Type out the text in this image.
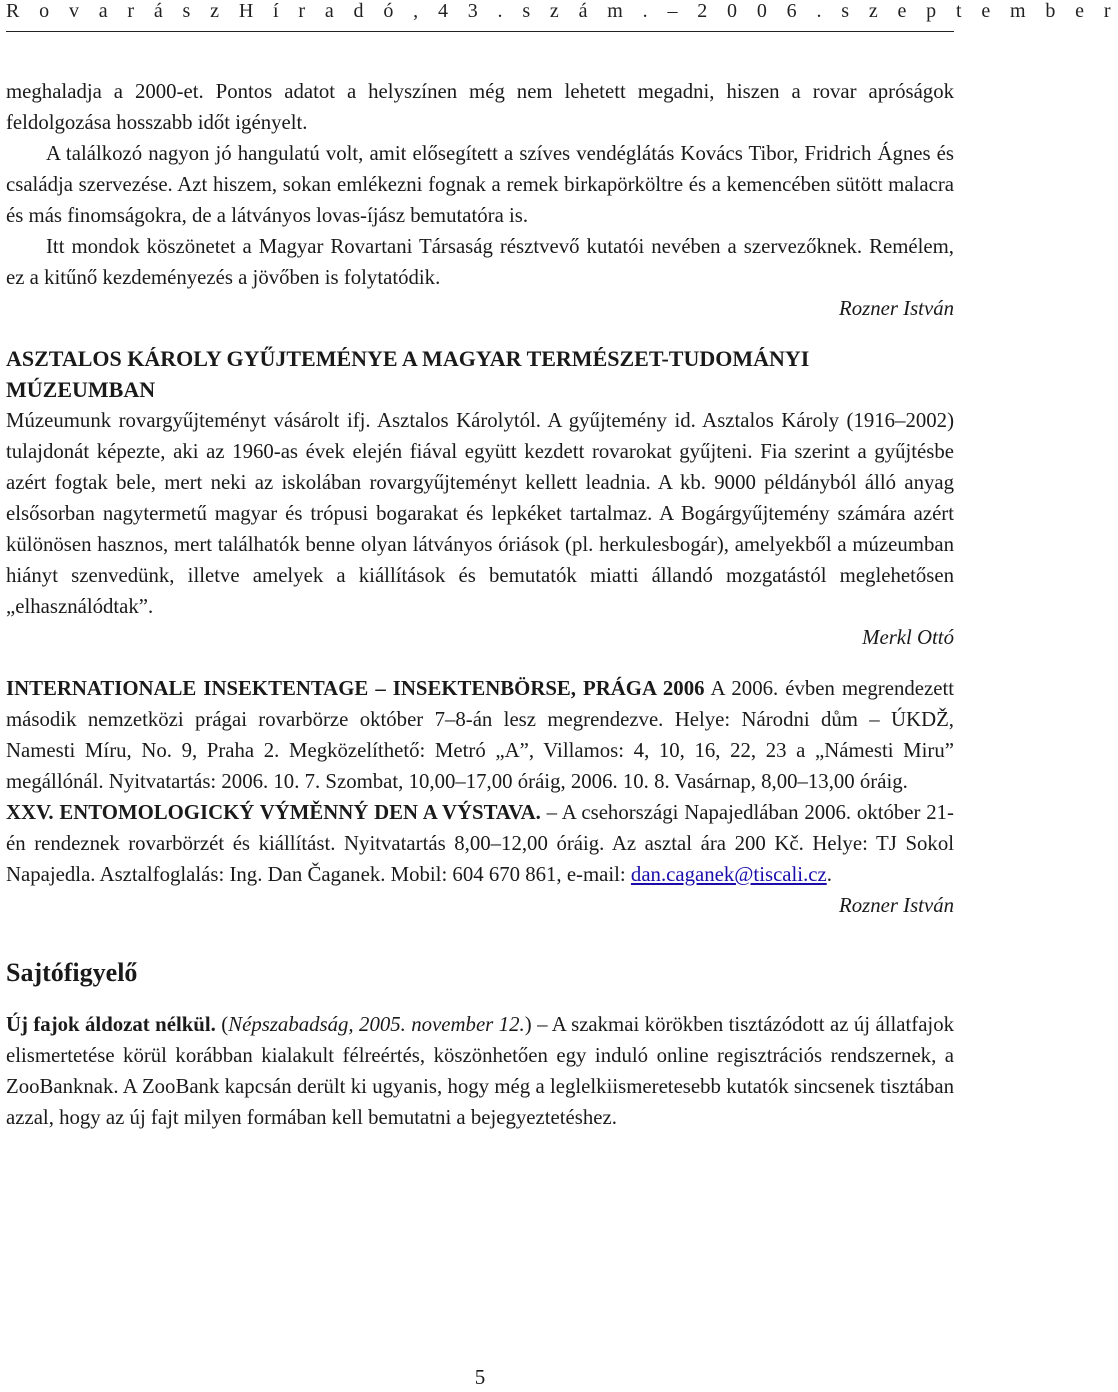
R o v a r á s z H í r a d ó , 4 3 . s z á m . – 2 0 0 6 . s z e p t e m b e r

meghaladja a 2000-et. Pontos adatot a helyszínen még nem lehetett megadni, hiszen a rovar apróságok feldolgozása hosszabb időt igényelt.

A találkozó nagyon jó hangulatú volt, amit elősegített a szíves vendéglátás Kovács Tibor, Fridrich Ágnes és családja szervezése. Azt hiszem, sokan emlékezni fognak a remek birkapörköltre és a kemencében sütött malacra és más finomságokra, de a látványos lovas-íjász bemutatóra is.

Itt mondok köszönetet a Magyar Rovartani Társaság résztvevő kutatói nevében a szervezőknek. Remélem, ez a kitűnő kezdeményezés a jövőben is folytatódik.

Rozner István

ASZTALOS KÁROLY GYŰJTEMÉNYE A MAGYAR TERMÉSZET-TUDOMÁNYI MÚZEUMBAN

Múzeumunk rovargyűjteményt vásárolt ifj. Asztalos Károlytól. A gyűjtemény id. Asztalos Károly (1916–2002) tulajdonát képezte, aki az 1960-as évek elején fiával együtt kezdett rovarokat gyűjteni. Fia szerint a gyűjtésbe azért fogtak bele, mert neki az iskolában rovargyűjteményt kellett leadnia. A kb. 9000 példányból álló anyag elsősorban nagytermetű magyar és trópusi bogarakat és lepkéket tartalmaz. A Bogárgyűjtemény számára azért különösen hasznos, mert találhatók benne olyan látványos óriások (pl. herkulesbogár), amelyekből a múzeumban hiányt szenvedünk, illetve amelyek a kiállítások és bemutatók miatti állandó mozgatástól meglehetősen „elhasználódtak”.

Merkl Ottó

INTERNATIONALE INSEKTENTAGE – INSEKTENBÖRSE, PRÁGA 2006 A 2006. évben megrendezett második nemzetközi prágai rovarbörze október 7–8-án lesz megrendezve. Helye: Národni dům – ÚKDŽ, Namesti Míru, No. 9, Praha 2. Megközelíthető: Metró „A”, Villamos: 4, 10, 16, 22, 23 a „Námesti Miru” megállónál. Nyitvatartás: 2006. 10. 7. Szombat, 10,00–17,00 óráig, 2006. 10. 8. Vasárnap, 8,00–13,00 óráig.

XXV. ENTOMOLOGICKÝ VÝMĚNNÝ DEN A VÝSTAVA. – A csehországi Napajedlában 2006. október 21-én rendeznek rovarbörzét és kiállítást. Nyitvatartás 8,00–12,00 óráig. Az asztal ára 200 Kč. Helye: TJ Sokol Napajedla. Asztalfoglalás: Ing. Dan Čaganek. Mobil: 604 670 861, e-mail: dan.caganek@tiscali.cz.

Rozner István

Sajtófigyelő

Új fajok áldozat nélkül. (Népszabadság, 2005. november 12.) – A szakmai körökben tisztázódott az új állatfajok elismertetése körül korábban kialakult félreértés, köszönhetően egy induló online regisztrációs rendszernek, a ZooBanknak. A ZooBank kapcsán derült ki ugyanis, hogy még a leglelkiismeretesebb kutatók sincsenek tisztában azzal, hogy az új fajt milyen formában kell bemutatni a bejegyeztetéshez.

5
